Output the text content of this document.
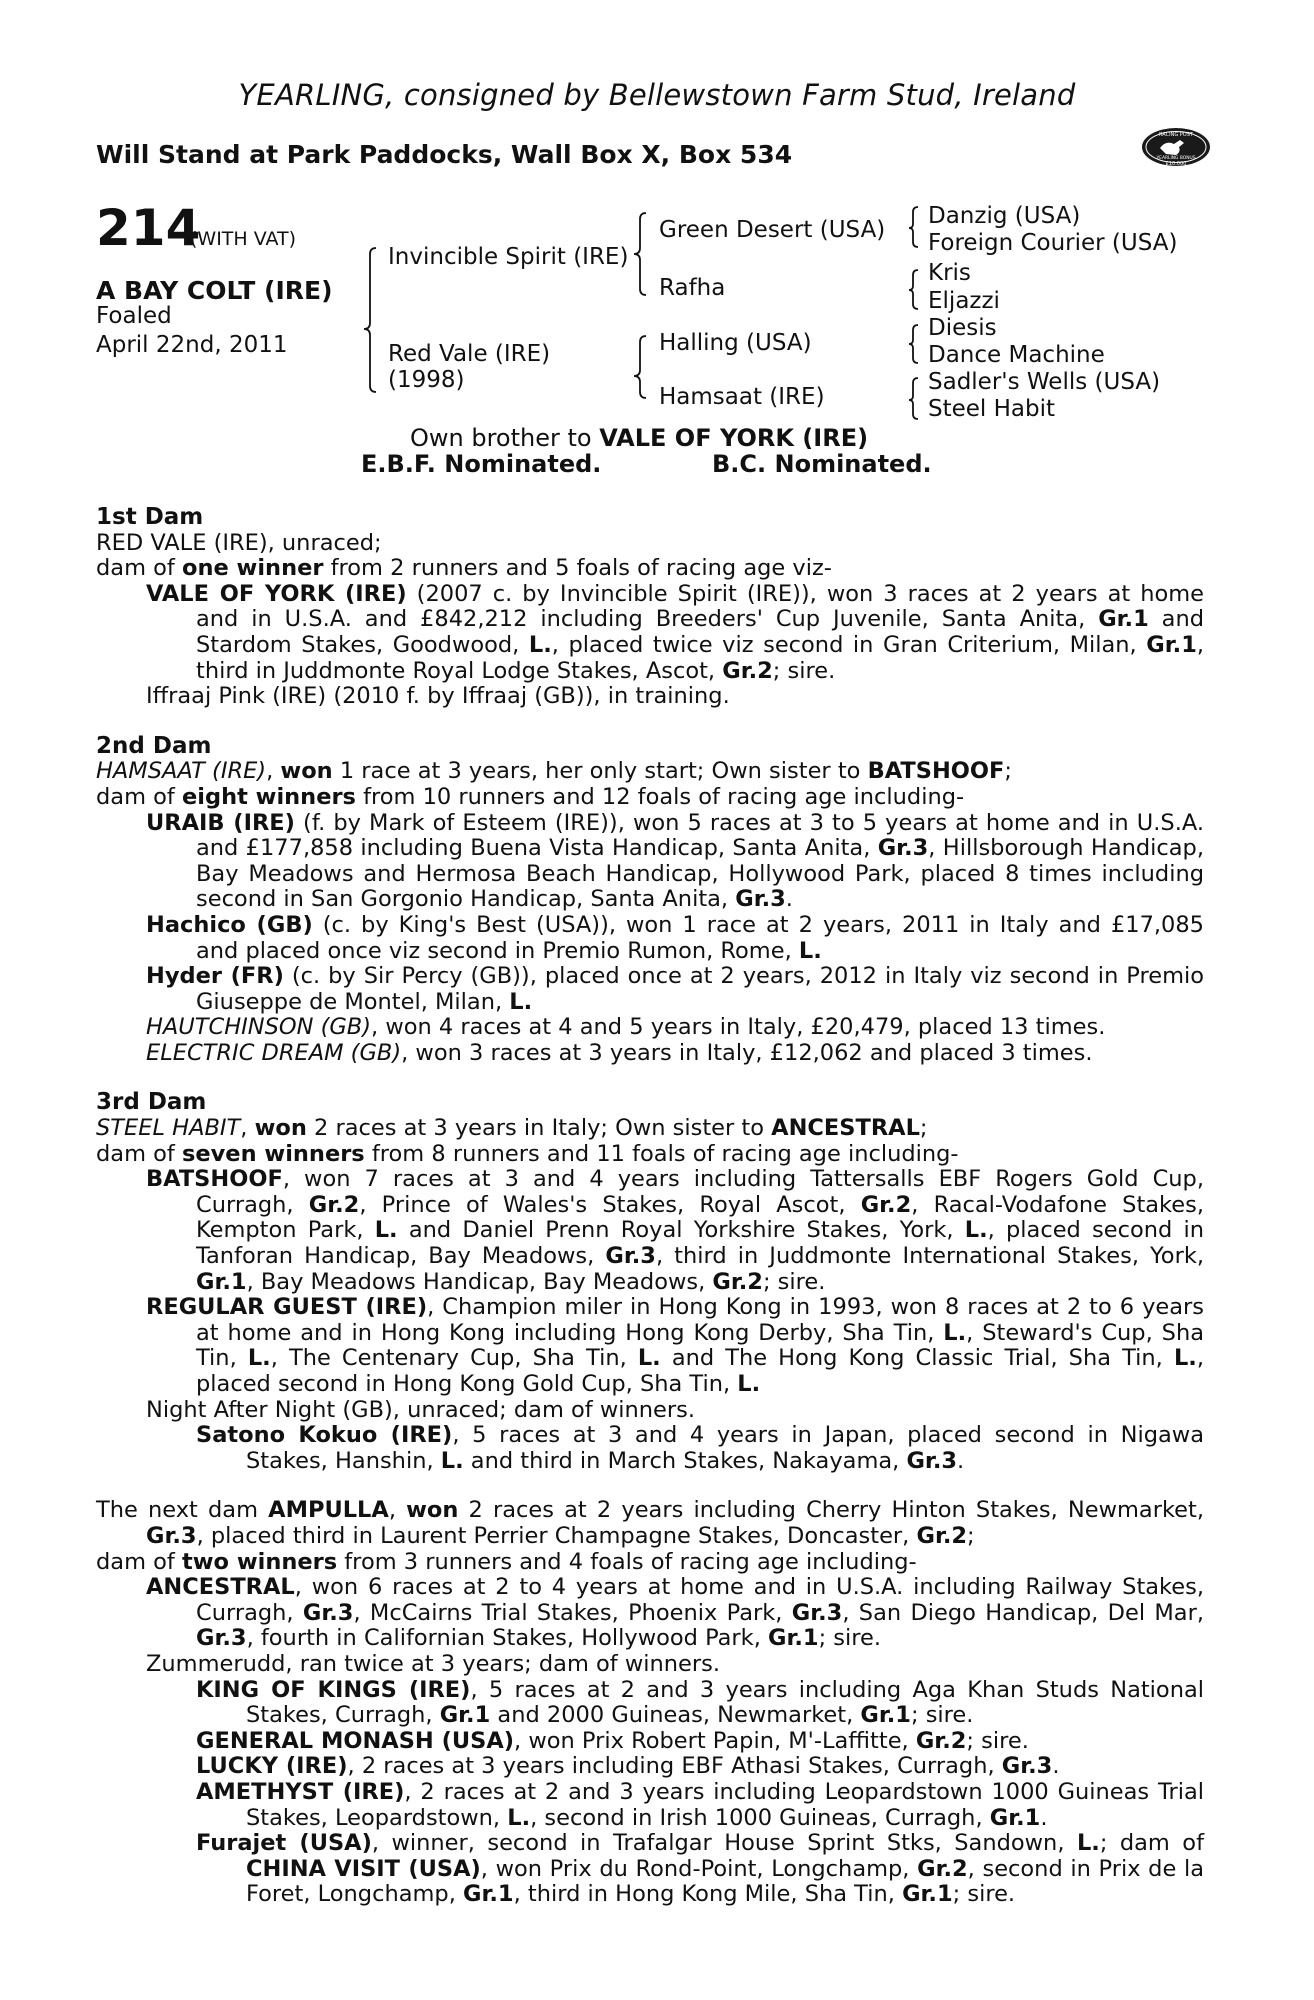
YEARLING, consigned by Bellewstown Farm Stud, Ireland
Will Stand at Park Paddocks, Wall Box X, Box 534
RACING POST
YEARLING BONUS
£10,000
214
(WITH VAT)
A BAY COLT (IRE)
Foaled
April 22nd, 2011
Invincible Spirit (IRE)
Red Vale (IRE)
(1998)
Green Desert (USA)
Rafha
Halling (USA)
Hamsaat (IRE)
Danzig (USA)
Foreign Courier (USA)
Kris
Eljazzi
Diesis
Dance Machine
Sadler's Wells (USA)
Steel Habit
Own brother to VALE OF YORK (IRE)
E.B.F. Nominated.	B.C. Nominated.
1st Dam
RED VALE (IRE), unraced;
dam of one winner from 2 runners and 5 foals of racing age viz-
VALE OF YORK (IRE) (2007 c. by Invincible Spirit (IRE)), won 3 races at 2 years at home and in U.S.A. and £842,212 including Breeders' Cup Juvenile, Santa Anita, Gr.1 and Stardom Stakes, Goodwood, L., placed twice viz second in Gran Criterium, Milan, Gr.1, third in Juddmonte Royal Lodge Stakes, Ascot, Gr.2; sire.
Iffraaj Pink (IRE) (2010 f. by Iffraaj (GB)), in training.
2nd Dam
HAMSAAT (IRE), won 1 race at 3 years, her only start; Own sister to BATSHOOF;
dam of eight winners from 10 runners and 12 foals of racing age including-
URAIB (IRE) (f. by Mark of Esteem (IRE)), won 5 races at 3 to 5 years at home and in U.S.A. and £177,858 including Buena Vista Handicap, Santa Anita, Gr.3, Hillsborough Handicap, Bay Meadows and Hermosa Beach Handicap, Hollywood Park, placed 8 times including second in San Gorgonio Handicap, Santa Anita, Gr.3.
Hachico (GB) (c. by King's Best (USA)), won 1 race at 2 years, 2011 in Italy and £17,085 and placed once viz second in Premio Rumon, Rome, L.
Hyder (FR) (c. by Sir Percy (GB)), placed once at 2 years, 2012 in Italy viz second in Premio Giuseppe de Montel, Milan, L.
HAUTCHINSON (GB), won 4 races at 4 and 5 years in Italy, £20,479, placed 13 times.
ELECTRIC DREAM (GB), won 3 races at 3 years in Italy, £12,062 and placed 3 times.
3rd Dam
STEEL HABIT, won 2 races at 3 years in Italy; Own sister to ANCESTRAL;
dam of seven winners from 8 runners and 11 foals of racing age including-
BATSHOOF, won 7 races at 3 and 4 years including Tattersalls EBF Rogers Gold Cup, Curragh, Gr.2, Prince of Wales's Stakes, Royal Ascot, Gr.2, Racal-Vodafone Stakes, Kempton Park, L. and Daniel Prenn Royal Yorkshire Stakes, York, L., placed second in Tanforan Handicap, Bay Meadows, Gr.3, third in Juddmonte International Stakes, York, Gr.1, Bay Meadows Handicap, Bay Meadows, Gr.2; sire.
REGULAR GUEST (IRE), Champion miler in Hong Kong in 1993, won 8 races at 2 to 6 years at home and in Hong Kong including Hong Kong Derby, Sha Tin, L., Steward's Cup, Sha Tin, L., The Centenary Cup, Sha Tin, L. and The Hong Kong Classic Trial, Sha Tin, L., placed second in Hong Kong Gold Cup, Sha Tin, L.
Night After Night (GB), unraced; dam of winners.
Satono Kokuo (IRE), 5 races at 3 and 4 years in Japan, placed second in Nigawa Stakes, Hanshin, L. and third in March Stakes, Nakayama, Gr.3.
The next dam AMPULLA, won 2 races at 2 years including Cherry Hinton Stakes, Newmarket, Gr.3, placed third in Laurent Perrier Champagne Stakes, Doncaster, Gr.2;
dam of two winners from 3 runners and 4 foals of racing age including-
ANCESTRAL, won 6 races at 2 to 4 years at home and in U.S.A. including Railway Stakes, Curragh, Gr.3, McCairns Trial Stakes, Phoenix Park, Gr.3, San Diego Handicap, Del Mar, Gr.3, fourth in Californian Stakes, Hollywood Park, Gr.1; sire.
Zummerudd, ran twice at 3 years; dam of winners.
KING OF KINGS (IRE), 5 races at 2 and 3 years including Aga Khan Studs National Stakes, Curragh, Gr.1 and 2000 Guineas, Newmarket, Gr.1; sire.
GENERAL MONASH (USA), won Prix Robert Papin, M'-Laffitte, Gr.2; sire.
LUCKY (IRE), 2 races at 3 years including EBF Athasi Stakes, Curragh, Gr.3.
AMETHYST (IRE), 2 races at 2 and 3 years including Leopardstown 1000 Guineas Trial Stakes, Leopardstown, L., second in Irish 1000 Guineas, Curragh, Gr.1.
Furajet (USA), winner, second in Trafalgar House Sprint Stks, Sandown, L.; dam of CHINA VISIT (USA), won Prix du Rond-Point, Longchamp, Gr.2, second in Prix de la Foret, Longchamp, Gr.1, third in Hong Kong Mile, Sha Tin, Gr.1; sire.
